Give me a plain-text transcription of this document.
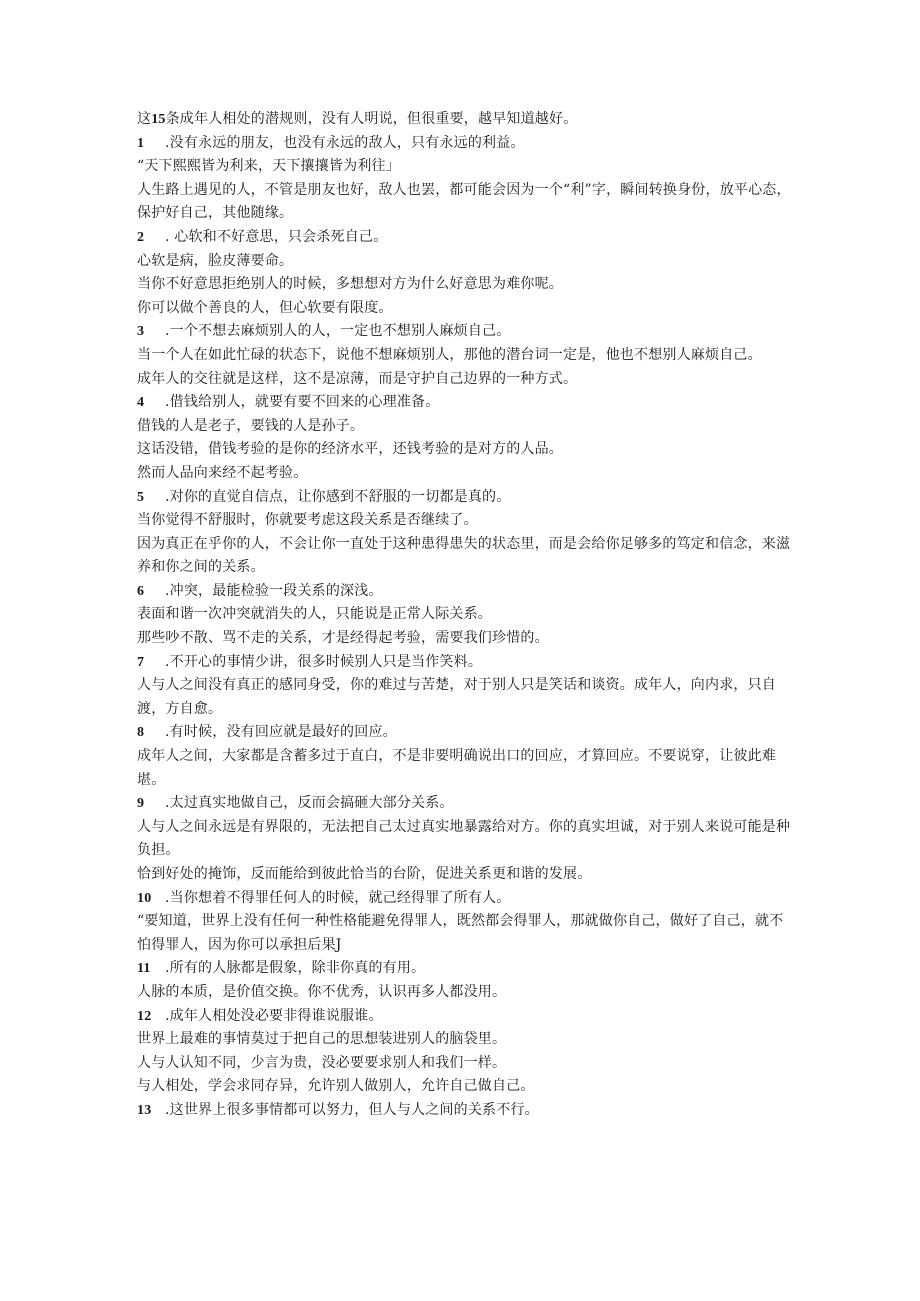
这15条成年人相处的潜规则，没有人明说，但很重要，越早知道越好。
1 .没有永远的朋友，也没有永远的敌人，只有永远的利益。
“天下熙熙皆为利来，天下攘攘皆为利往」
人生路上遇见的人，不管是朋友也好，敌人也罢，都可能会因为一个“利”字，瞬间转换身份，放平心态，保护好自己，其他随缘。
2 . 心软和不好意思，只会杀死自己。
心软是病，脸皮薄要命。
当你不好意思拒绝别人的时候，多想想对方为什么好意思为难你呢。
你可以做个善良的人，但心软要有限度。
3 .一个不想去麻烦别人的人，一定也不想别人麻烦自己。
当一个人在如此忙碌的状态下，说他不想麻烦别人，那他的潜台词一定是，他也不想别人麻烦自己。
成年人的交往就是这样，这不是凉薄，而是守护自己边界的一种方式。
4 .借钱给别人，就要有要不回来的心理准备。
借钱的人是老子，要钱的人是孙子。
这话没错，借钱考验的是你的经济水平，还钱考验的是对方的人品。
然而人品向来经不起考验。
5 .对你的直觉自信点，让你感到不舒服的一切都是真的。
当你觉得不舒服时，你就要考虑这段关系是否继续了。
因为真正在乎你的人，不会让你一直处于这种患得患失的状态里，而是会给你足够多的笃定和信念，来滋养和你之间的关系。
6 .冲突，最能检验一段关系的深浅。
表面和谐一次冲突就消失的人，只能说是正常人际关系。
那些吵不散、骂不走的关系，才是经得起考验，需要我们珍惜的。
7 .不开心的事情少讲，很多时候别人只是当作笑料。
人与人之间没有真正的感同身受，你的难过与苦楚，对于别人只是笑话和谈资。成年人，向内求，只自渡，方自愈。
8 .有时候，没有回应就是最好的回应。
成年人之间，大家都是含蓄多过于直白，不是非要明确说出口的回应，才算回应。不要说穿，让彼此难堪。
9 .太过真实地做自己，反而会搞砸大部分关系。
人与人之间永远是有界限的，无法把自己太过真实地暴露给对方。你的真实坦诚，对于别人来说可能是种负担。
恰到好处的掩饰，反而能给到彼此恰当的台阶，促进关系更和谐的发展。
10 .当你想着不得罪任何人的时候，就己经得罪了所有人。
“要知道，世界上没有任何一种性格能避免得罪人，既然都会得罪人，那就做你自己，做好了自己，就不怕得罪人，因为你可以承担后果J
11 .所有的人脉都是假象，除非你真的有用。
人脉的本质，是价值交换。你不优秀，认识再多人都没用。
12 .成年人相处没必要非得谁说服谁。
世界上最难的事情莫过于把自己的思想装进别人的脑袋里。
人与人认知不同，少言为贵，没必要要求别人和我们一样。
与人相处，学会求同存异，允许别人做别人，允许自己做自己。
13 .这世界上很多事情都可以努力，但人与人之间的关系不行。
